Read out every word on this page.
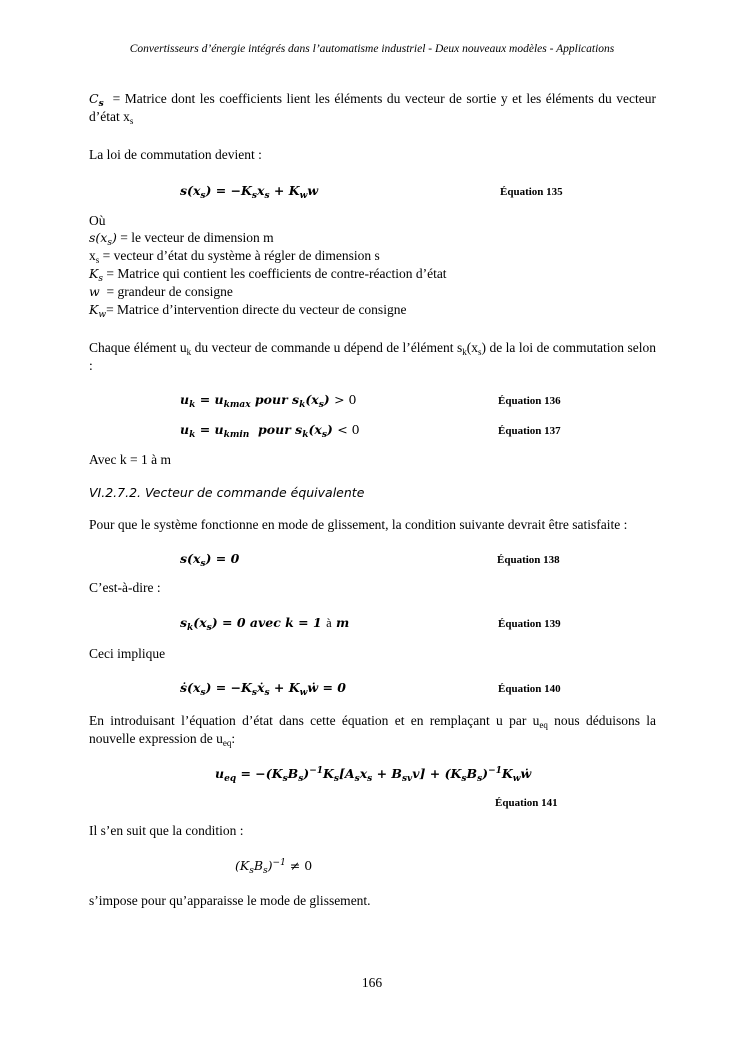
Convertisseurs d’énergie intégrés dans l’automatisme industriel - Deux nouveaux modèles - Applications
$C_s$ = Matrice dont les coefficients lient les éléments du vecteur de sortie y et les éléments du vecteur d’état $x_s$
La loi de commutation devient :
$s(x_s) = -K_sx_s + K_ww$	Équation 135
Où
$s(x_s)$ = le vecteur de dimension m
$x_s$ = vecteur d’état du système à régler de dimension s
$K_s$ = Matrice qui contient les coefficients de contre-réaction d’état
w = grandeur de consigne
$K_w=$ Matrice d’intervention directe du vecteur de consigne
Chaque élément $u_k$ du vecteur de commande u dépend de l’élément $s_k(x_s)$ de la loi de commutation selon :
$u_k = u_{kmax}$ pour $s_k(x_s) > 0$	Équation 136
$u_k = u_{kmin}$  pour $s_k(x_s) < 0$	Équation 137
Avec k = 1 à m
VI.2.7.2. Vecteur de commande équivalente
Pour que le système fonctionne en mode de glissement, la condition suivante devrait être satisfaite :
$s(x_s) = 0$	Équation 138
C’est-à-dire :
$s_k(x_s) = 0$ avec k = 1 à m	Équation 139
Ceci implique
$ṡ(x_s)$ = $-K_sẋ_s$ + $K_wẇ = 0$	Équation 140
En introduisant l’équation d’état dans cette équation et en remplaçant u par $u_{eq}$ nous déduisons la nouvelle expression de $u_{eq}$:
$u_{eq} = -(K_sB_s)^{-1}K_s[A_sx_s + B_{sv}v]$ + $(K_sB_s)^{-1}K_wẇ$
Équation 141
Il s’en suit que la condition :
$(K_sB_s)^{-1} \ne 0$
s’impose pour qu’apparaisse le mode de glissement.
166
